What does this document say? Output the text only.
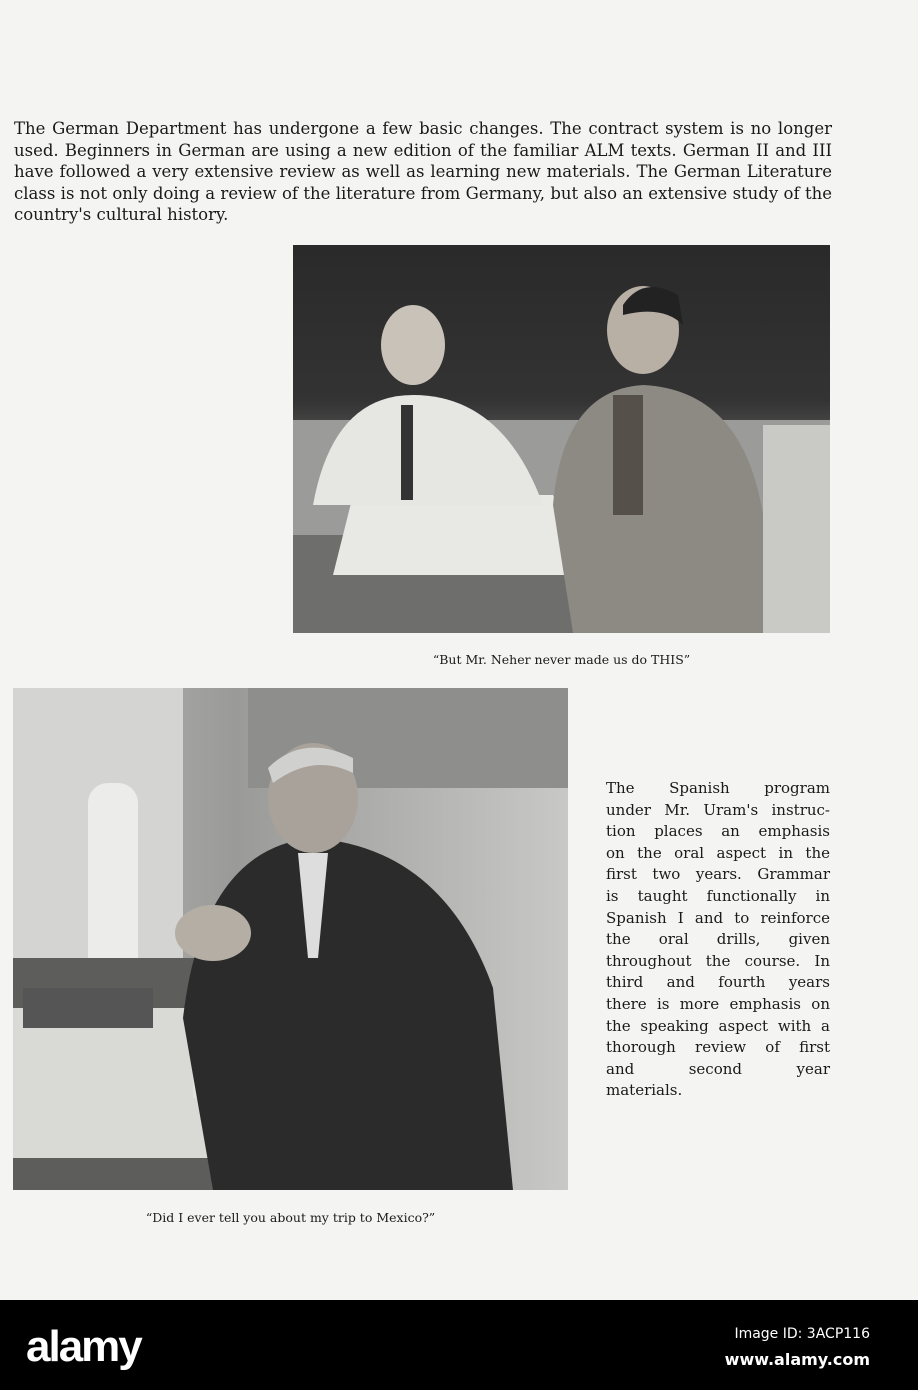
The German Department has undergone a few basic changes. The contract system is no longer
used. Beginners in German are using a new edition of the familiar ALM texts. German II and III
have followed a very extensive review as well as learning new materials. The German Literature
class is not only doing a review of the literature from Germany, but also an extensive study of the
country's cultural history.
“But Mr. Neher never made us do THIS”
“Did I ever tell you about my trip to Mexico?”
The Spanish program
under Mr. Uram's instruc-
tion places an emphasis
on the oral aspect in the
first two years. Grammar
is taught functionally in
Spanish I and to reinforce
the oral drills, given
throughout the course. In
third and fourth years
there is more emphasis on
the speaking aspect with a
thorough review of first
and second year
materials.
alamy	Image ID: 3ACP116
www.alamy.com
